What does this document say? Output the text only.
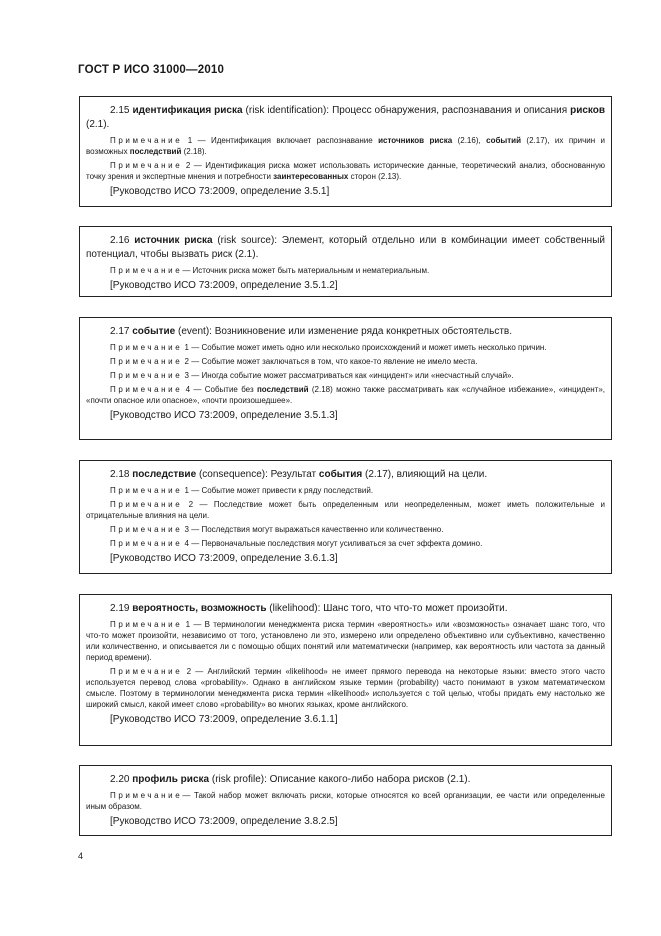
ГОСТ Р ИСО 31000—2010

2.15 идентификация риска (risk identification): Процесс обнаружения, распознавания и описания рисков (2.1).

Примечание 1 — Идентификация включает распознавание источников риска (2.16), событий (2.17), их причин и возможных последствий (2.18).

Примечание 2 — Идентификация риска может использовать исторические данные, теоретический анализ, обоснованную точку зрения и экспертные мнения и потребности заинтересованных сторон (2.13).

[Руководство ИСО 73:2009, определение 3.5.1]

2.16 источник риска (risk source): Элемент, который отдельно или в комбинации имеет собственный потенциал, чтобы вызвать риск (2.1).

Примечание— Источник риска может быть материальным и нематериальным.

[Руководство ИСО 73:2009, определение 3.5.1.2]

2.17 событие (event): Возникновение или изменение ряда конкретных обстоятельств.

Примечание 1 — Событие может иметь одно или несколько происхождений и может иметь несколько причин.

Примечание 2 — Событие может заключаться в том, что какое-то явление не имело места.

Примечание 3 — Иногда событие может рассматриваться как «инцидент» или «несчастный случай».

Примечание 4 — Событие без последствий (2.18) можно также рассматривать как «случайное избежание», «инцидент», «почти опасное или опасное», «почти произошедшее».

[Руководство ИСО 73:2009, определение 3.5.1.3]

2.18 последствие (consequence): Результат события (2.17), влияющий на цели.

Примечание 1 — Событие может привести к ряду последствий.

Примечание 2 — Последствие может быть определенным или неопределенным, может иметь положительные и отрицательные влияния на цели.

Примечание 3 — Последствия могут выражаться качественно или количественно.

Примечание 4 — Первоначальные последствия могут усиливаться за счет эффекта домино.

[Руководство ИСО 73:2009, определение 3.6.1.3]

2.19 вероятность, возможность (likelihood): Шанс того, что что-то может произойти.

Примечание 1 — В терминологии менеджмента риска термин «вероятность» или «возможность» означает шанс того, что что-то может произойти, независимо от того, установлено ли это, измерено или определено объективно или субъективно, качественно или количественно, и описывается ли с помощью общих понятий или математически (например, как вероятность или частота за данный период времени).

Примечание 2 — Английский термин «likelihood» не имеет прямого перевода на некоторые языки: вместо этого часто используется перевод слова «probability». Однако в английском языке термин (probability) часто понимают в узком математическом смысле. Поэтому в терминологии менеджмента риска термин «likelihood» используется с той целью, чтобы придать ему настолько же широкий смысл, какой имеет слово «probability» во многих языках, кроме английского.

[Руководство ИСО 73:2009, определение 3.6.1.1]

2.20 профиль риска (risk profile): Описание какого-либо набора рисков (2.1).

Примечание— Такой набор может включать риски, которые относятся ко всей организации, ее части или определенные иным образом.

[Руководство ИСО 73:2009, определение 3.8.2.5]

4
